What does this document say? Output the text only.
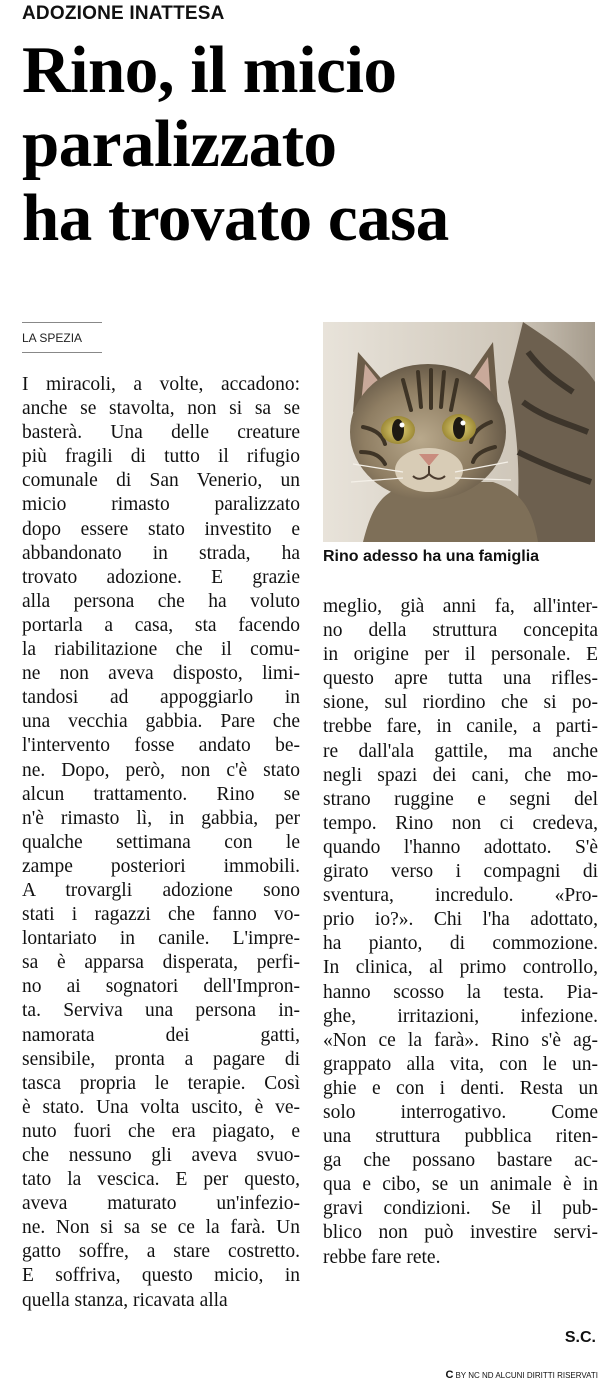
ADOZIONE INATTESA
Rino, il micio
paralizzato
ha trovato casa
LA SPEZIA
Rino adesso ha una famiglia
I miracoli, a volte, accadono:
anche se stavolta, non si sa se
basterà. Una delle creature
più fragili di tutto il rifugio
comunale di San Venerio, un
micio rimasto paralizzato
dopo essere stato investito e
abbandonato in strada, ha
trovato adozione. E grazie
alla persona che ha voluto
portarla a casa, sta facendo
la riabilitazione che il comu-
ne non aveva disposto, limi-
tandosi ad appoggiarlo in
una vecchia gabbia. Pare che
l'intervento fosse andato be-
ne. Dopo, però, non c'è stato
alcun trattamento. Rino se
n'è rimasto lì, in gabbia, per
qualche settimana con le
zampe posteriori immobili.
A trovargli adozione sono
stati i ragazzi che fanno vo-
lontariato in canile. L'impre-
sa è apparsa disperata, perfi-
no ai sognatori dell'Impron-
ta. Serviva una persona in-
namorata dei gatti,
sensibile, pronta a pagare di
tasca propria le terapie. Così
è stato. Una volta uscito, è ve-
nuto fuori che era piagato, e
che nessuno gli aveva svuo-
tato la vescica. E per questo,
aveva maturato un'infezio-
ne. Non si sa se ce la farà. Un
gatto soffre, a stare costretto.
E soffriva, questo micio, in
quella stanza, ricavata alla
meglio, già anni fa, all'inter-
no della struttura concepita
in origine per il personale. E
questo apre tutta una rifles-
sione, sul riordino che si po-
trebbe fare, in canile, a parti-
re dall'ala gattile, ma anche
negli spazi dei cani, che mo-
strano ruggine e segni del
tempo. Rino non ci credeva,
quando l'hanno adottato. S'è
girato verso i compagni di
sventura, incredulo. «Pro-
prio io?». Chi l'ha adottato,
ha pianto, di commozione.
In clinica, al primo controllo,
hanno scosso la testa. Pia-
ghe, irritazioni, infezione.
«Non ce la farà». Rino s'è ag-
grappato alla vita, con le un-
ghie e con i denti. Resta un
solo interrogativo. Come
una struttura pubblica riten-
ga che possano bastare ac-
qua e cibo, se un animale è in
gravi condizioni. Se il pub-
blico non può investire servi-
rebbe fare rete.
S.C.
C BY NC ND ALCUNI DIRITTI RISERVATI
